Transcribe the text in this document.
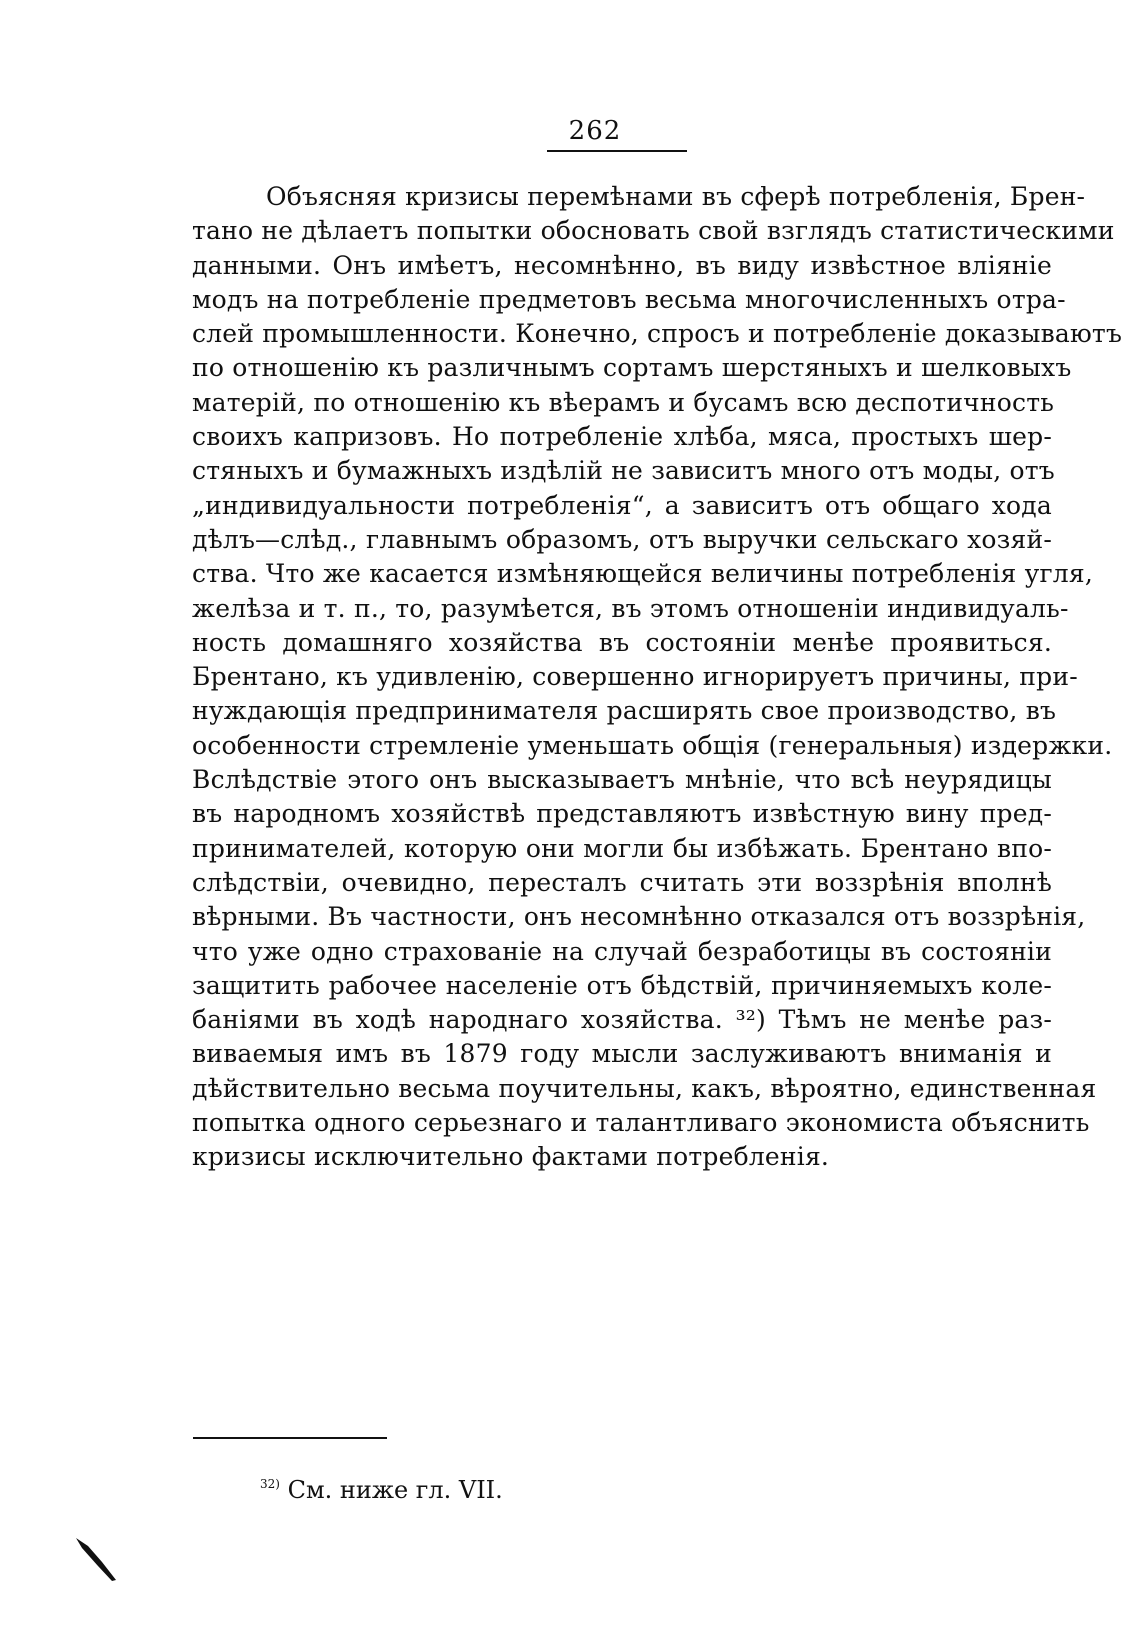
262
Объясняя кризисы перемѣнами въ сферѣ потребленія, Брен-
тано не дѣлаетъ попытки обосновать свой взглядъ статистическими
данными. Онъ имѣетъ, несомнѣнно, въ виду извѣстное вліяніе
модъ на потребленіе предметовъ весьма многочисленныхъ отра-
слей промышленности. Конечно, спросъ и потребленіе доказываютъ
по отношенію къ различнымъ сортамъ шерстяныхъ и шелковыхъ
матерій, по отношенію къ вѣерамъ и бусамъ всю деспотичность
своихъ капризовъ. Но потребленіе хлѣба, мяса, простыхъ шер-
стяныхъ и бумажныхъ издѣлій не зависитъ много отъ моды, отъ
„индивидуальности потребленія“, а зависитъ отъ общаго хода
дѣлъ—слѣд., главнымъ образомъ, отъ выручки сельскаго хозяй-
ства. Что же касается измѣняющейся величины потребленія угля,
желѣза и т. п., то, разумѣется, въ этомъ отношеніи индивидуаль-
ность домашняго хозяйства въ состояніи менѣе проявиться.
Брентано, къ удивленію, совершенно игнорируетъ причины, при-
нуждающія предпринимателя расширять свое производство, въ
особенности стремленіе уменьшать общія (генеральныя) издержки.
Вслѣдствіе этого онъ высказываетъ мнѣніе, что всѣ неурядицы
въ народномъ хозяйствѣ представляютъ извѣстную вину пред-
принимателей, которую они могли бы избѣжать. Брентано впо-
слѣдствіи, очевидно, пересталъ считать эти воззрѣнія вполнѣ
вѣрными. Въ частности, онъ несомнѣнно отказался отъ воззрѣнія,
что уже одно страхованіе на случай безработицы въ состояніи
защитить рабочее населеніе отъ бѣдствій, причиняемыхъ коле-
баніями въ ходѣ народнаго хозяйства. ³²) Тѣмъ не менѣе раз-
виваемыя имъ въ 1879 году мысли заслуживаютъ вниманія и
дѣйствительно весьма поучительны, какъ, вѣроятно, единственная
попытка одного серьезнаго и талантливаго экономиста объяснить
кризисы исключительно фактами потребленія.
$^{32)}$ См. ниже гл. VII.
